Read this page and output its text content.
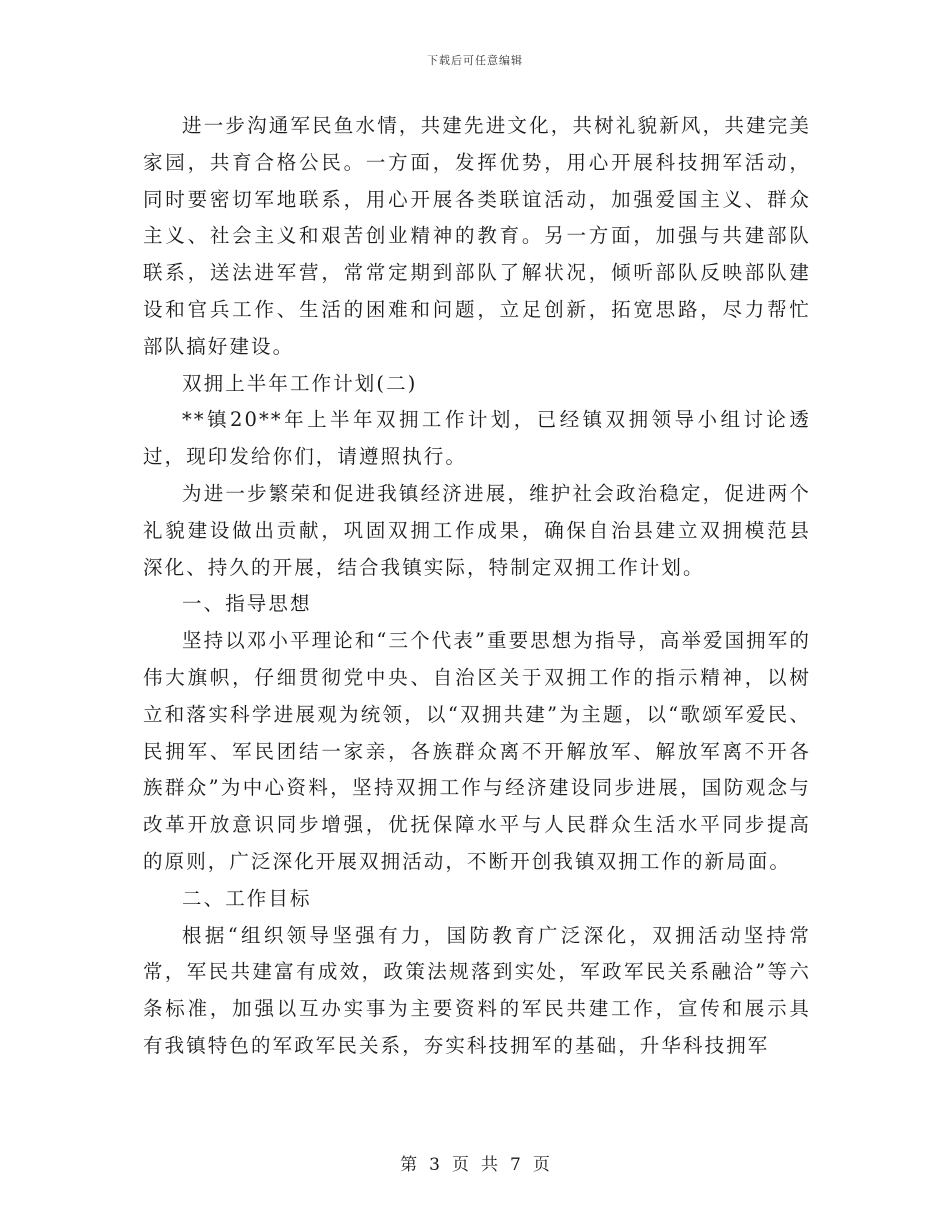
下载后可任意编辑

进一步沟通军民鱼水情，共建先进文化，共树礼貌新风，共建完美家园，共育合格公民。一方面，发挥优势，用心开展科技拥军活动，同时要密切军地联系，用心开展各类联谊活动，加强爱国主义、群众主义、社会主义和艰苦创业精神的教育。另一方面，加强与共建部队联系，送法进军营，常常定期到部队了解状况，倾听部队反映部队建设和官兵工作、生活的困难和问题，立足创新，拓宽思路，尽力帮忙部队搞好建设。

双拥上半年工作计划(二)

**镇20**年上半年双拥工作计划，已经镇双拥领导小组讨论透过，现印发给你们，请遵照执行。

为进一步繁荣和促进我镇经济进展，维护社会政治稳定，促进两个礼貌建设做出贡献，巩固双拥工作成果，确保自治县建立双拥模范县深化、持久的开展，结合我镇实际，特制定双拥工作计划。

一、指导思想

坚持以邓小平理论和“三个代表”重要思想为指导，高举爱国拥军的伟大旗帜，仔细贯彻党中央、自治区关于双拥工作的指示精神，以树立和落实科学进展观为统领，以“双拥共建”为主题，以“歌颂军爱民、民拥军、军民团结一家亲，各族群众离不开解放军、解放军离不开各族群众”为中心资料，坚持双拥工作与经济建设同步进展，国防观念与改革开放意识同步增强，优抚保障水平与人民群众生活水平同步提高的原则，广泛深化开展双拥活动，不断开创我镇双拥工作的新局面。

二、工作目标

根据“组织领导坚强有力，国防教育广泛深化，双拥活动坚持常常，军民共建富有成效，政策法规落到实处，军政军民关系融洽”等六条标准，加强以互办实事为主要资料的军民共建工作，宣传和展示具有我镇特色的军政军民关系，夯实科技拥军的基础，升华科技拥军

第 3 页 共 7 页
